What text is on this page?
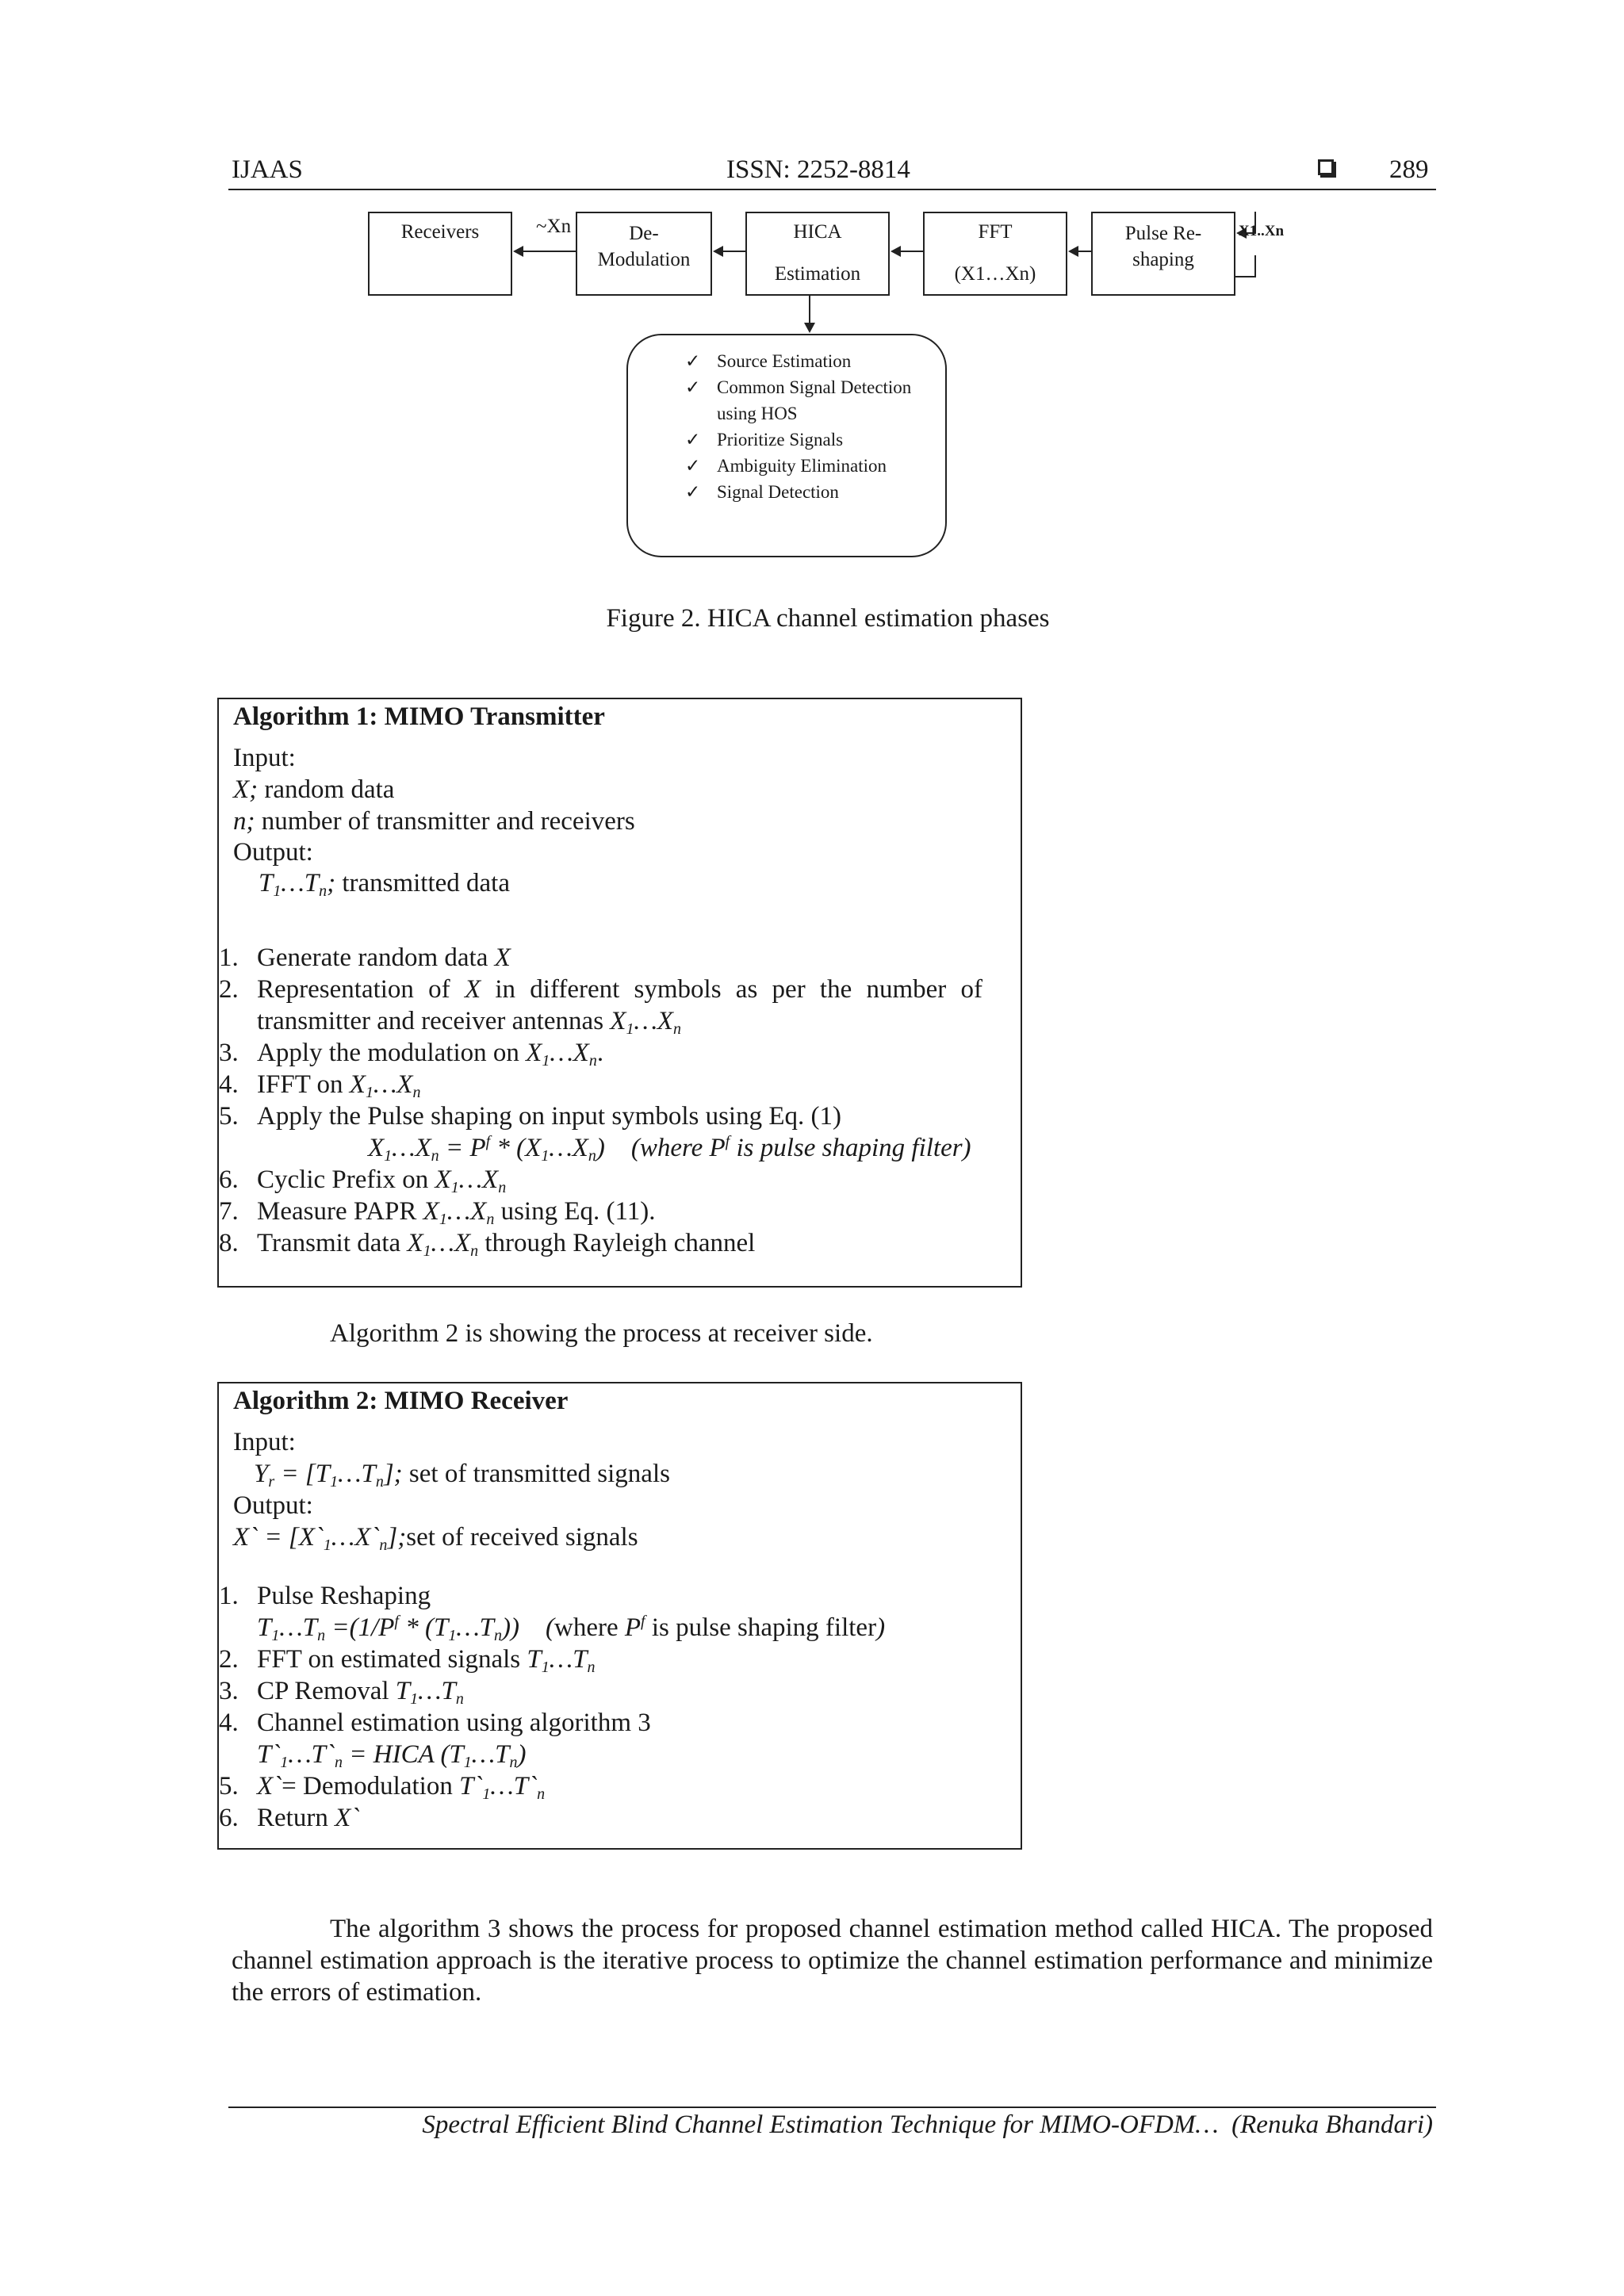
IJAAS	ISSN: 2252-8814	289
Receivers	De-
Modulation
HICA
Estimation
FFT
(X1…Xn)
Pulse Re-
shaping
~Xn	X1..Xn
✓ Source Estimation
✓ Common Signal Detection
using HOS
✓ Prioritize Signals
✓ Ambiguity Elimination
✓ Signal Detection
Figure 2. HICA channel estimation phases
Algorithm 1: MIMO Transmitter
Input:
X; random data
n; number of transmitter and receivers
Output:
$T_1\dots T_n$; transmitted data
1. Generate random data X
2. Representation of X in different symbols as per the number of
transmitter and receiver antennas $X_1\dots X_n$
3. Apply the modulation on $X_1\dots X_n$.
4. IFFT on $X_1\dots X_n$
5. Apply the Pulse shaping on input symbols using Eq. (1)
$X_1\dots X_n = P^f$ * $(X_1\dots X_n)$ (where $P^f$ is pulse shaping filter)
6. Cyclic Prefix on $X_1\dots X_n$
7. Measure PAPR $X_1\dots X_n$ using Eq. (11).
8. Transmit data $X_1\dots X_n$ through Rayleigh channel
Algorithm 2 is showing the process at receiver side.
Algorithm 2: MIMO Receiver
Input:
$Y_r$ = $[T_1\dots T_n]$; set of transmitted signals
Output:
X` = $[X`_1\dots X`_n];set$ of received signals
1. Pulse Reshaping
$T_1\dots T_n =(1/P^f$ * $(T_1\dots T_n)$) (where $P^f$ is pulse shaping filter)
2. FFT on estimated signals $T_1\dots T_n$
3. CP Removal $T_1\dots T_n$
4. Channel estimation using algorithm 3
$T`_1\dots T`_n$ = HICA $(T_1\dots T_n)$
5. X`= Demodulation $T`_1\dots T`_n$
6. Return X`
The algorithm 3 shows the process for proposed channel estimation method called HICA. The proposed channel estimation approach is the iterative process to optimize the channel estimation performance and minimize the errors of estimation.
Spectral Efficient Blind Channel Estimation Technique for MIMO-OFDM…  (Renuka Bhandari)
